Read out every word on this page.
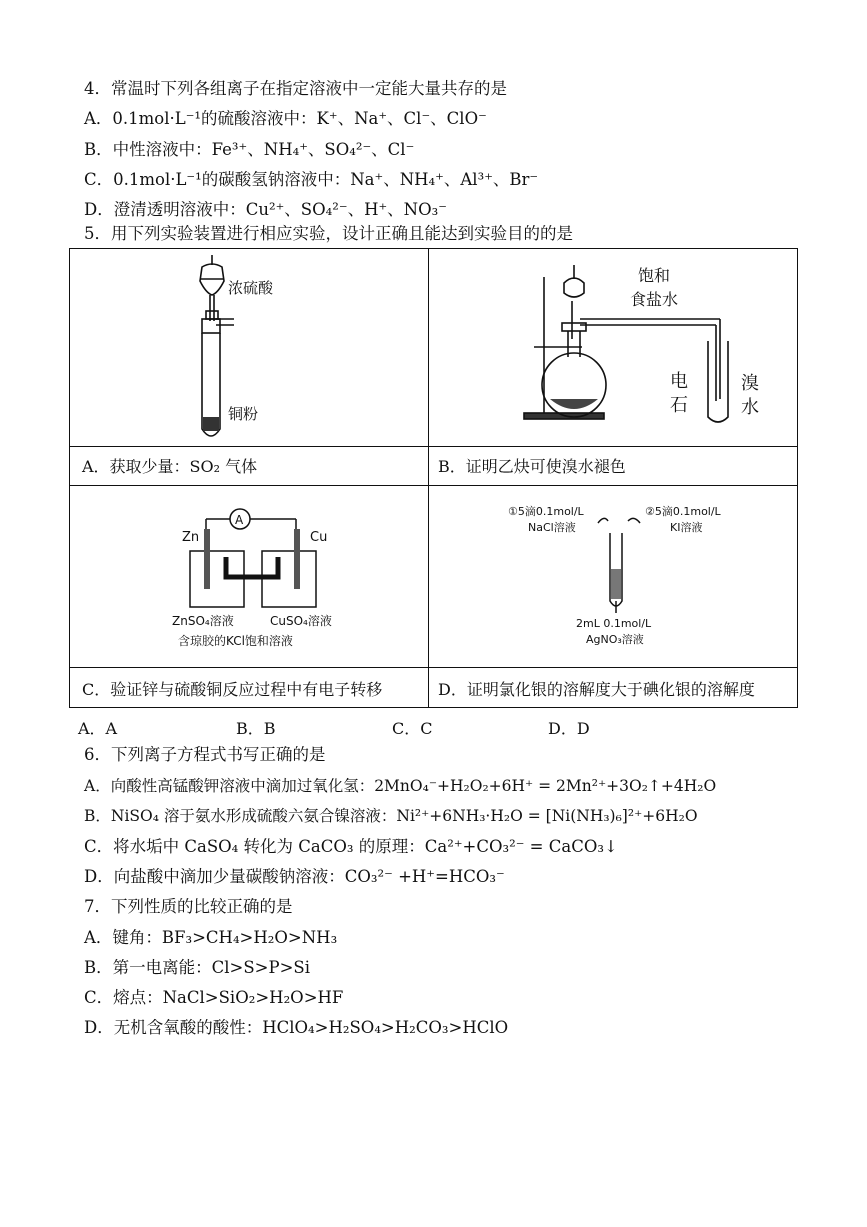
4．常温时下列各组离子在指定溶液中一定能大量共存的是
A．0.1mol·L⁻¹的硫酸溶液中：K⁺、Na⁺、Cl⁻、ClO⁻
B．中性溶液中：Fe³⁺、NH₄⁺、SO₄²⁻、Cl⁻
C．0.1mol·L⁻¹的碳酸氢钠溶液中：Na⁺、NH₄⁺、Al³⁺、Br⁻
D．澄清透明溶液中：Cu²⁺、SO₄²⁻、H⁺、NO₃⁻
5．用下列实验装置进行相应实验，设计正确且能达到实验目的的是
浓硫酸
铜粉
A．获取少量：SO₂ 气体
饱和
食盐水
电
石
溴
水
B．证明乙炔可使溴水褪色
A
Zn	Cu
ZnSO₄溶液	CuSO₄溶液
含琼胶的KCl饱和溶液
C．验证锌与硫酸铜反应过程中有电子转移
①5滴0.1mol/L
NaCl溶液
②5滴0.1mol/L
KI溶液
2mL 0.1mol/L
AgNO₃溶液
D．证明氯化银的溶解度大于碘化银的溶解度
A．A	B．B	C．C	D．D
6．下列离子方程式书写正确的是
A．向酸性高锰酸钾溶液中滴加过氧化氢：2MnO₄⁻+H₂O₂+6H⁺ = 2Mn²⁺+3O₂↑+4H₂O
B．NiSO₄ 溶于氨水形成硫酸六氨合镍溶液：Ni²⁺+6NH₃·H₂O = [Ni(NH₃)₆]²⁺+6H₂O
C．将水垢中 CaSO₄ 转化为 CaCO₃ 的原理：Ca²⁺+CO₃²⁻ = CaCO₃↓
D．向盐酸中滴加少量碳酸钠溶液：CO₃²⁻ +H⁺=HCO₃⁻
7．下列性质的比较正确的是
A．键角：BF₃>CH₄>H₂O>NH₃
B．第一电离能：Cl>S>P>Si
C．熔点：NaCl>SiO₂>H₂O>HF
D．无机含氧酸的酸性：HClO₄>H₂SO₄>H₂CO₃>HClO
